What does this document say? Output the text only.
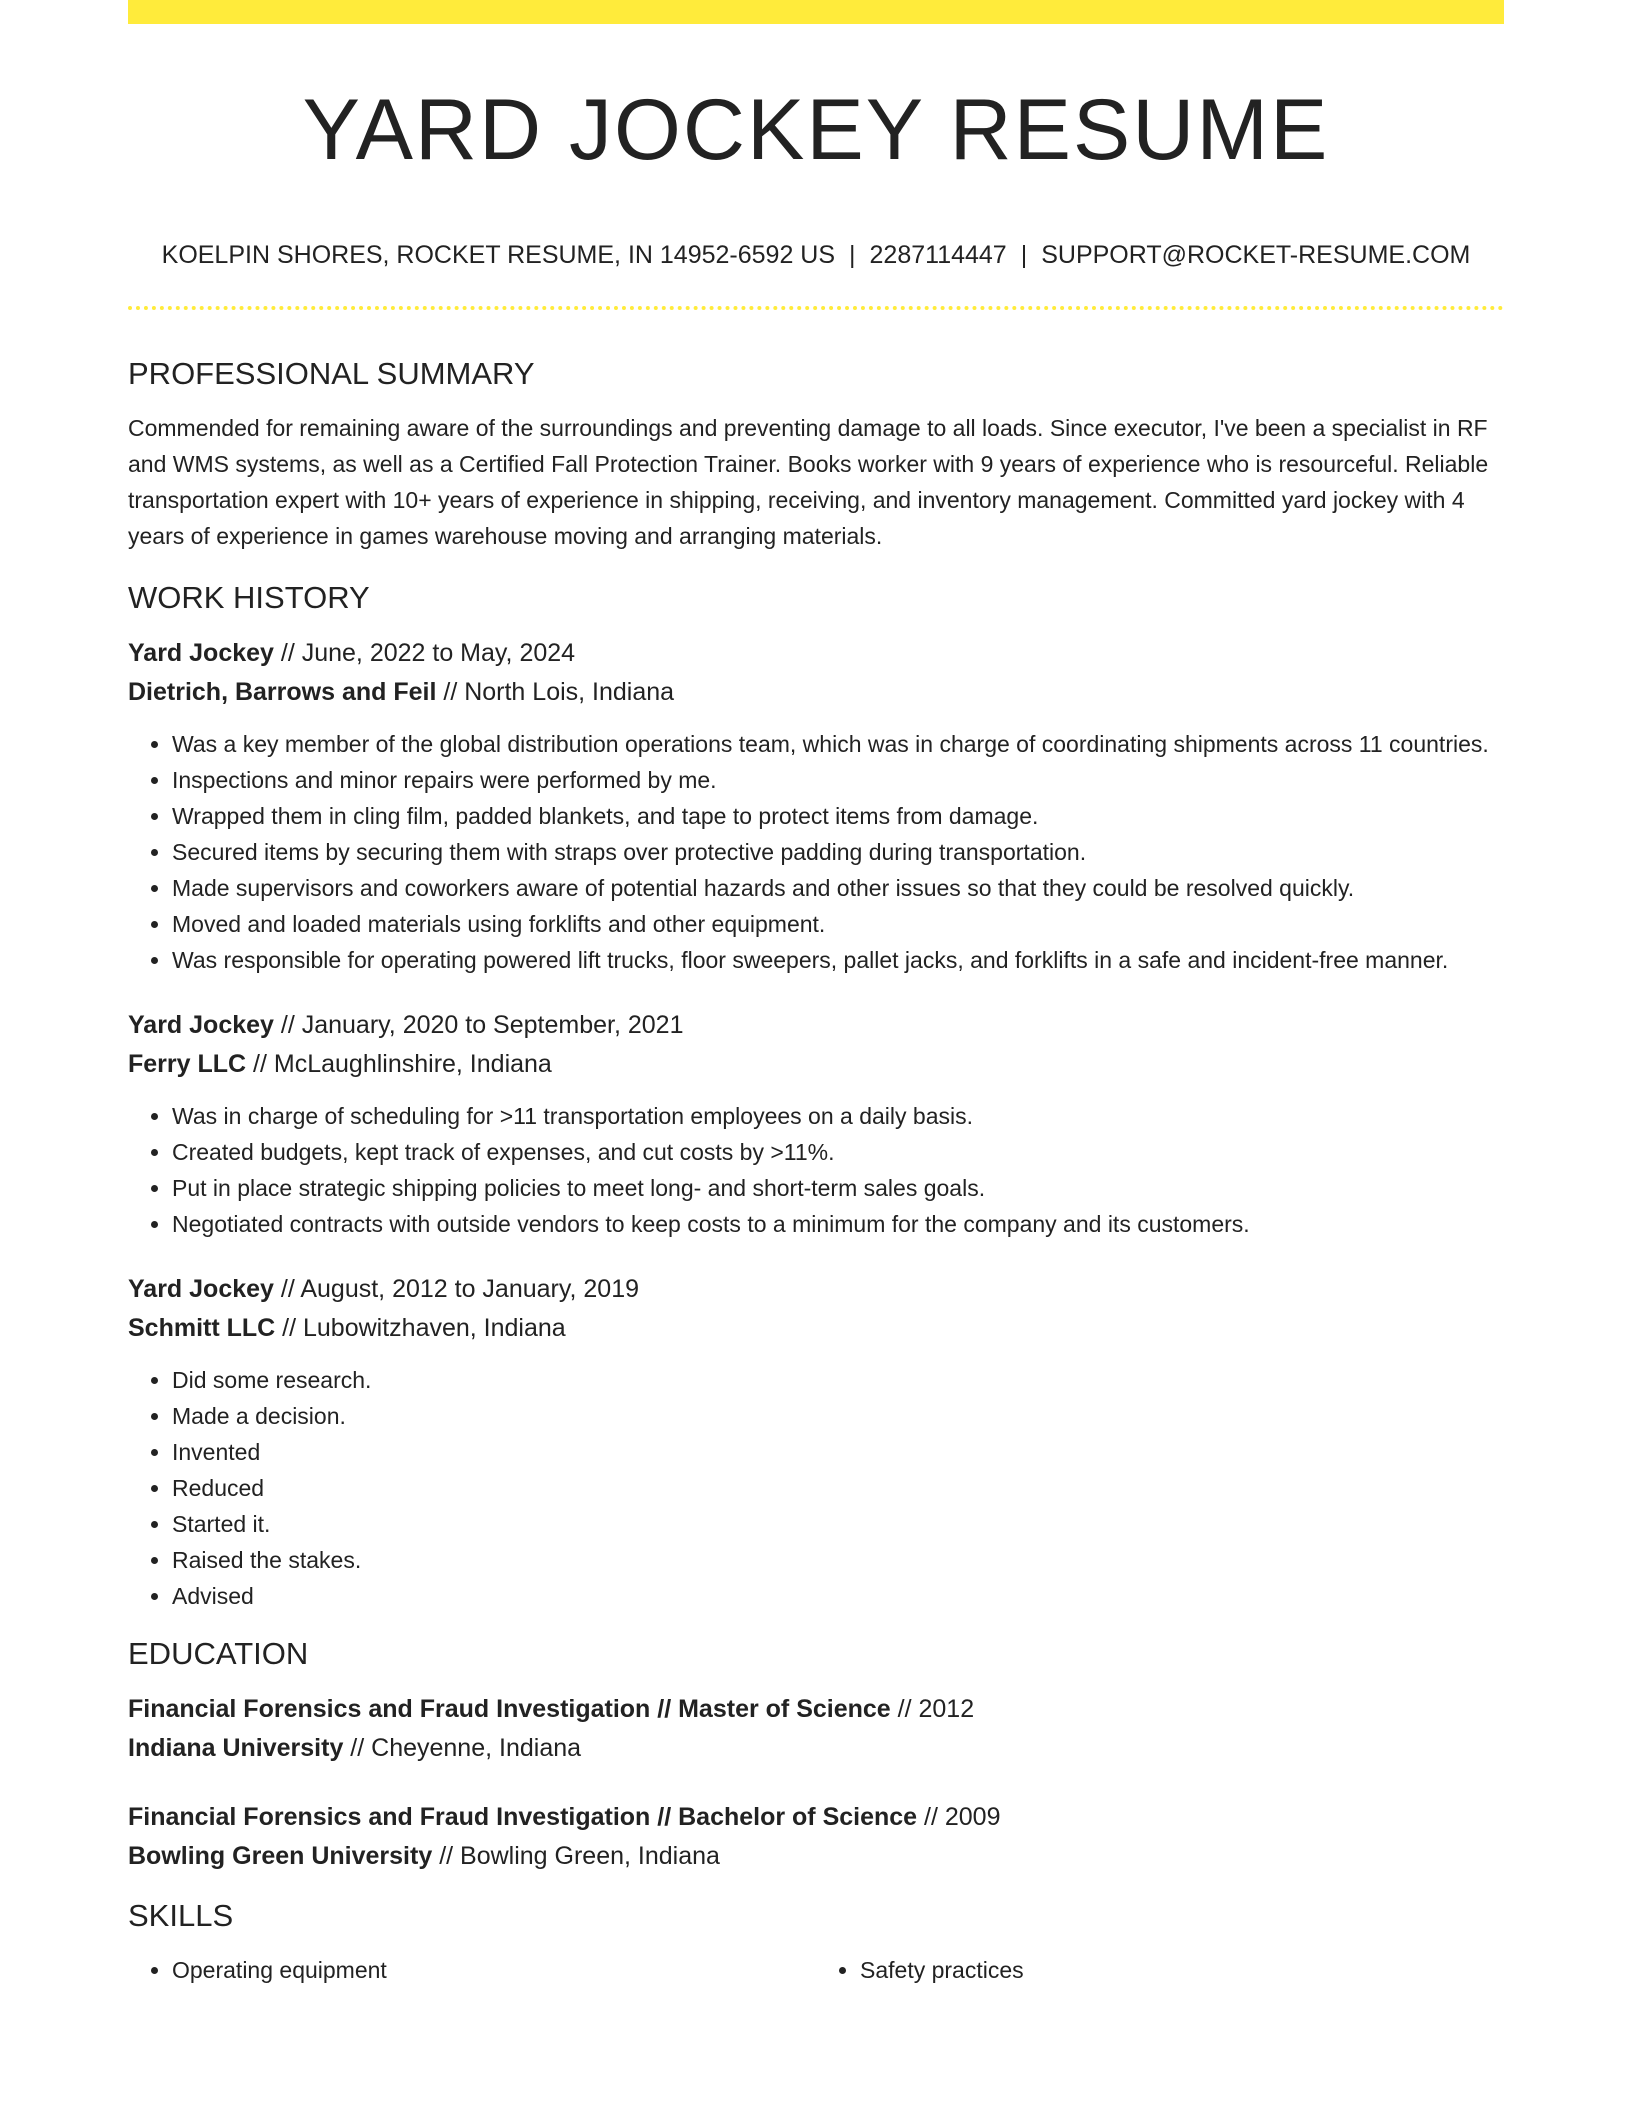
YARD JOCKEY RESUME
KOELPIN SHORES, ROCKET RESUME, IN 14952-6592 US | 2287114447 | SUPPORT@ROCKET-RESUME.COM
PROFESSIONAL SUMMARY

Commended for remaining aware of the surroundings and preventing damage to all loads. Since executor, I've been a specialist in RF and WMS systems, as well as a Certified Fall Protection Trainer. Books worker with 9 years of experience who is resourceful. Reliable transportation expert with 10+ years of experience in shipping, receiving, and inventory management. Committed yard jockey with 4 years of experience in games warehouse moving and arranging materials.

WORK HISTORY
Yard Jockey // June, 2022 to May, 2024
Dietrich, Barrows and Feil // North Lois, Indiana
• Was a key member of the global distribution operations team, which was in charge of coordinating shipments across 11 countries.
• Inspections and minor repairs were performed by me.
• Wrapped them in cling film, padded blankets, and tape to protect items from damage.
• Secured items by securing them with straps over protective padding during transportation.
• Made supervisors and coworkers aware of potential hazards and other issues so that they could be resolved quickly.
• Moved and loaded materials using forklifts and other equipment.
• Was responsible for operating powered lift trucks, floor sweepers, pallet jacks, and forklifts in a safe and incident-free manner.
Yard Jockey // January, 2020 to September, 2021
Ferry LLC // McLaughlinshire, Indiana
• Was in charge of scheduling for >11 transportation employees on a daily basis.
• Created budgets, kept track of expenses, and cut costs by >11%.
• Put in place strategic shipping policies to meet long- and short-term sales goals.
• Negotiated contracts with outside vendors to keep costs to a minimum for the company and its customers.
Yard Jockey // August, 2012 to January, 2019
Schmitt LLC // Lubowitzhaven, Indiana
• Did some research.
• Made a decision.
• Invented
• Reduced
• Started it.
• Raised the stakes.
• Advised
EDUCATION
Financial Forensics and Fraud Investigation // Master of Science // 2012
Indiana University // Cheyenne, Indiana
Financial Forensics and Fraud Investigation // Bachelor of Science // 2009
Bowling Green University // Bowling Green, Indiana
SKILLS
• Operating equipment
•	Safety practices
